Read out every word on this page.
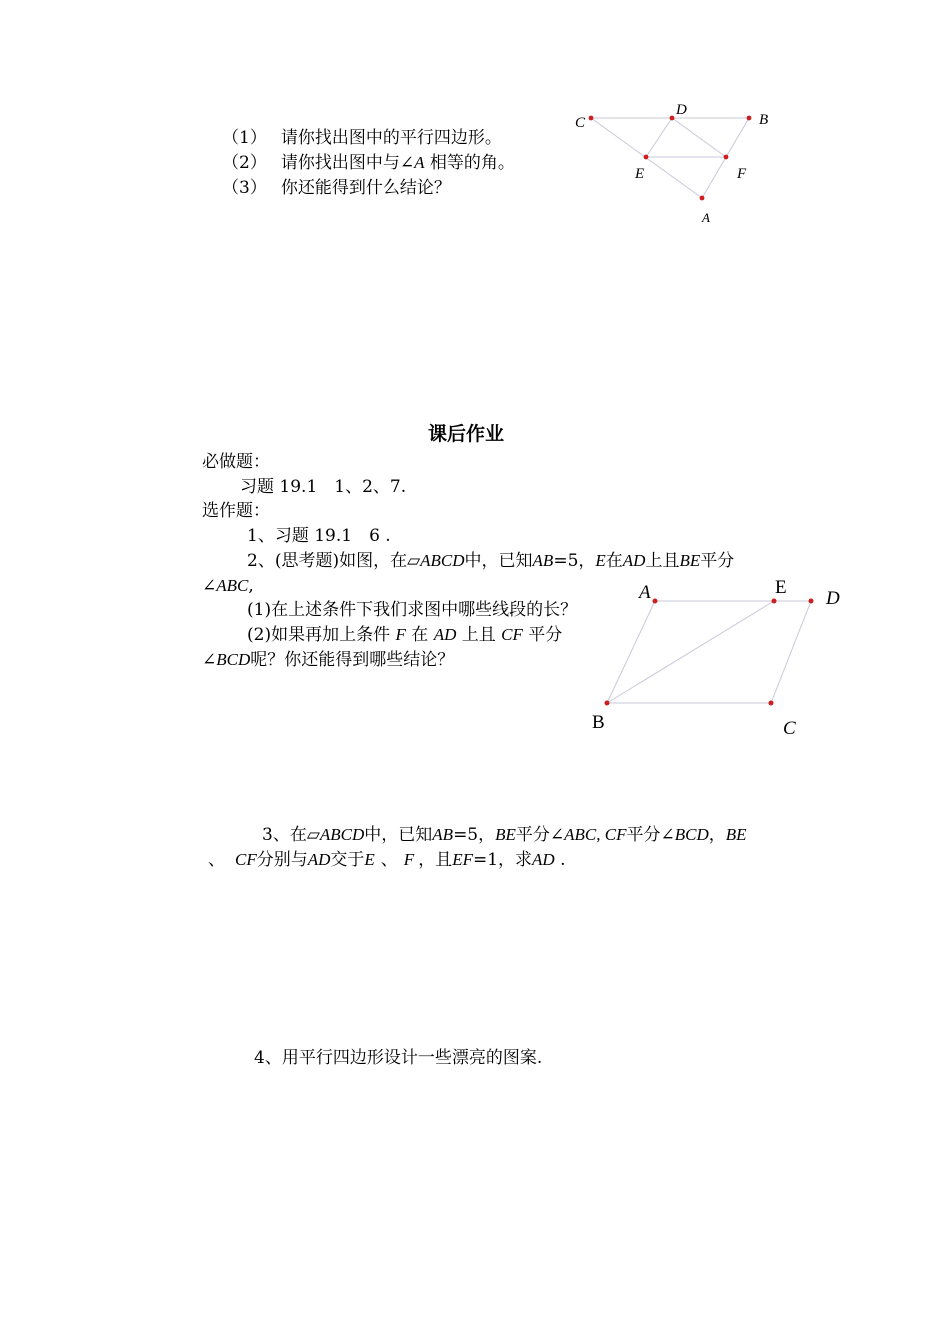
（1） 请你找出图中的平行四边形。
（2） 请你找出图中与∠A 相等的角。
（3） 你还能得到什么结论？
C
D
B
E	F
A
课后作业
必做题：
习题 19.1　1、2、7.
选作题：
1、习题 19.1　6 .
2、(思考题)如图，在▱ABCD中，已知AB=5，E在AD上且BE平分
∠ABC,
(1)在上述条件下我们求图中哪些线段的长？
(2)如果再加上条件 F 在 AD 上且 CF 平分
∠BCD呢？你还能得到哪些结论？
A	E
D
B	C
3、在▱ABCD中，已知AB=5，BE平分∠ABC, CF平分∠BCD，BE
、 CF分别与AD交于E 、 F ，且EF=1，求AD .
4、用平行四边形设计一些漂亮的图案.
